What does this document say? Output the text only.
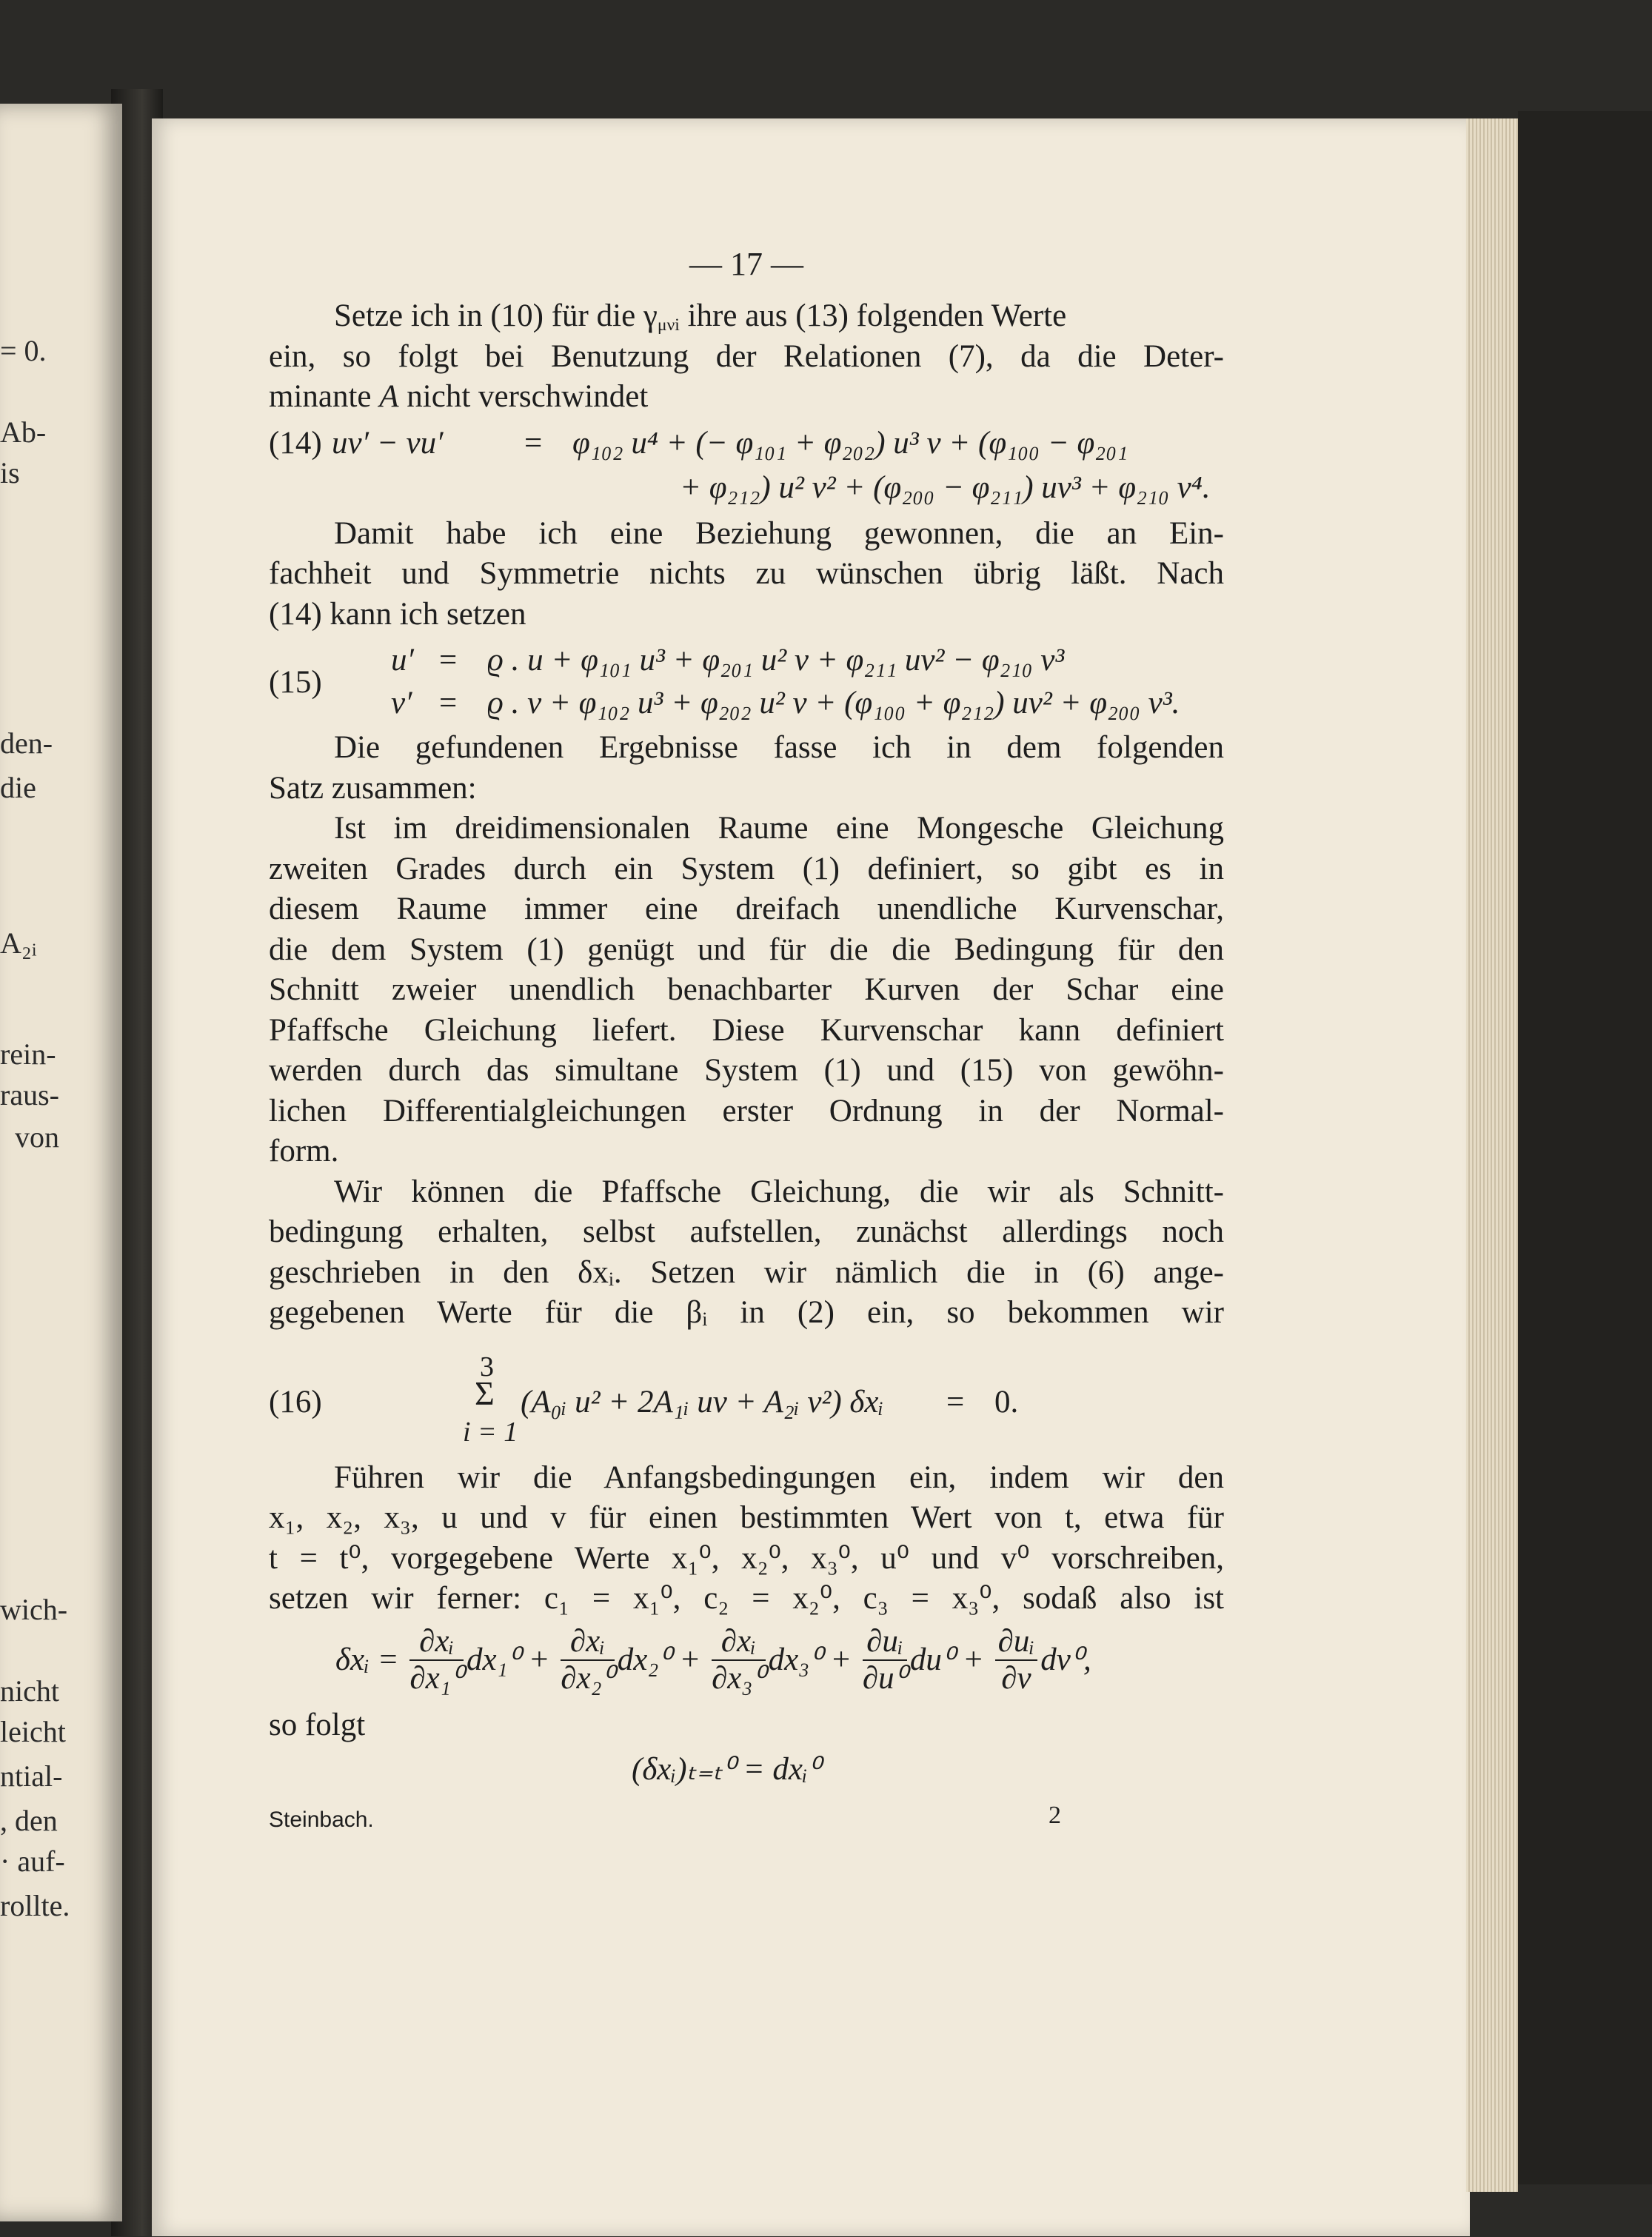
= 0.
Ab-
is
den-
die
A₂ᵢ
rein-
raus-
von
wich-
nicht
leicht
ntial-
, den
· auf-
rollte.
— 17 —
Setze ich in (10) für die $\gamma_{\mu\nu i}$ ihre aus (13) folgenden Werte
ein, so folgt bei Benutzung der Relationen (7), da die Deter-
minante A nicht verschwindet
(14) uv′ − vu′	= φ₁₀₂ u⁴ + (− φ₁₀₁ + φ₂₀₂) u³ v + (φ₁₀₀ − φ₂₀₁
+ φ₂₁₂) u² v² + (φ₂₀₀ − φ₂₁₁) uv³ + φ₂₁₀ v⁴.
Damit habe ich eine Beziehung gewonnen, die an Ein-
fachheit und Symmetrie nichts zu wünschen übrig läßt. Nach
(14) kann ich setzen
(15)
u′ = ϱ . u + φ₁₀₁ u³ + φ₂₀₁ u² v + φ₂₁₁ uv² − φ₂₁₀ v³
v′ = ϱ . v + φ₁₀₂ u³ + φ₂₀₂ u² v + (φ₁₀₀ + φ₂₁₂) uv² + φ₂₀₀ v³.
Die gefundenen Ergebnisse fasse ich in dem folgenden
Satz zusammen:
Ist im dreidimensionalen Raume eine Mongesche Gleichung
zweiten Grades durch ein System (1) definiert, so gibt es in
diesem Raume immer eine dreifach unendliche Kurvenschar,
die dem System (1) genügt und für die die Bedingung für den
Schnitt zweier unendlich benachbarter Kurven der Schar eine
Pfaffsche Gleichung liefert. Diese Kurvenschar kann definiert
werden durch das simultane System (1) und (15) von gewöhn-
lichen Differentialgleichungen erster Ordnung in der Normal-
form.
Wir können die Pfaffsche Gleichung, die wir als Schnitt-
bedingung erhalten, selbst aufstellen, zunächst allerdings noch
geschrieben in den δxᵢ. Setzen wir nämlich die in (6) ange-
gegebenen Werte für die βᵢ in (2) ein, so bekommen wir
(16)
3
Σ
i = 1
(A₀ᵢ u² + 2A₁ᵢ uv + A₂ᵢ v²) δxᵢ = 0.
Führen wir die Anfangsbedingungen ein, indem wir den
x₁, x₂, x₃, u und v für einen bestimmten Wert von t, etwa für
t = t⁰, vorgegebene Werte x₁⁰, x₂⁰, x₃⁰, u⁰ und v⁰ vorschreiben,
setzen wir ferner: c₁ = x₁⁰, c₂ = x₂⁰, c₃ = x₃⁰, sodaß also ist
δxᵢ = $\frac{\text{∂xᵢ}}{\text{∂x₁⁰}} dx_1^0 + \frac{\text{∂xᵢ}}{\text{∂x₂⁰}} dx_2^0 + \frac{\text{∂xᵢ}}{\text{∂x₃⁰}} dx_3^0 + \frac{\text{∂uᵢ}}{\text{∂u⁰}} du^0 + \frac{\text{∂uᵢ}}{\partial v} dv^0$,
so folgt
(δxᵢ)ₜ₌ₜ⁰ = dxᵢ⁰
Steinbach.	2
